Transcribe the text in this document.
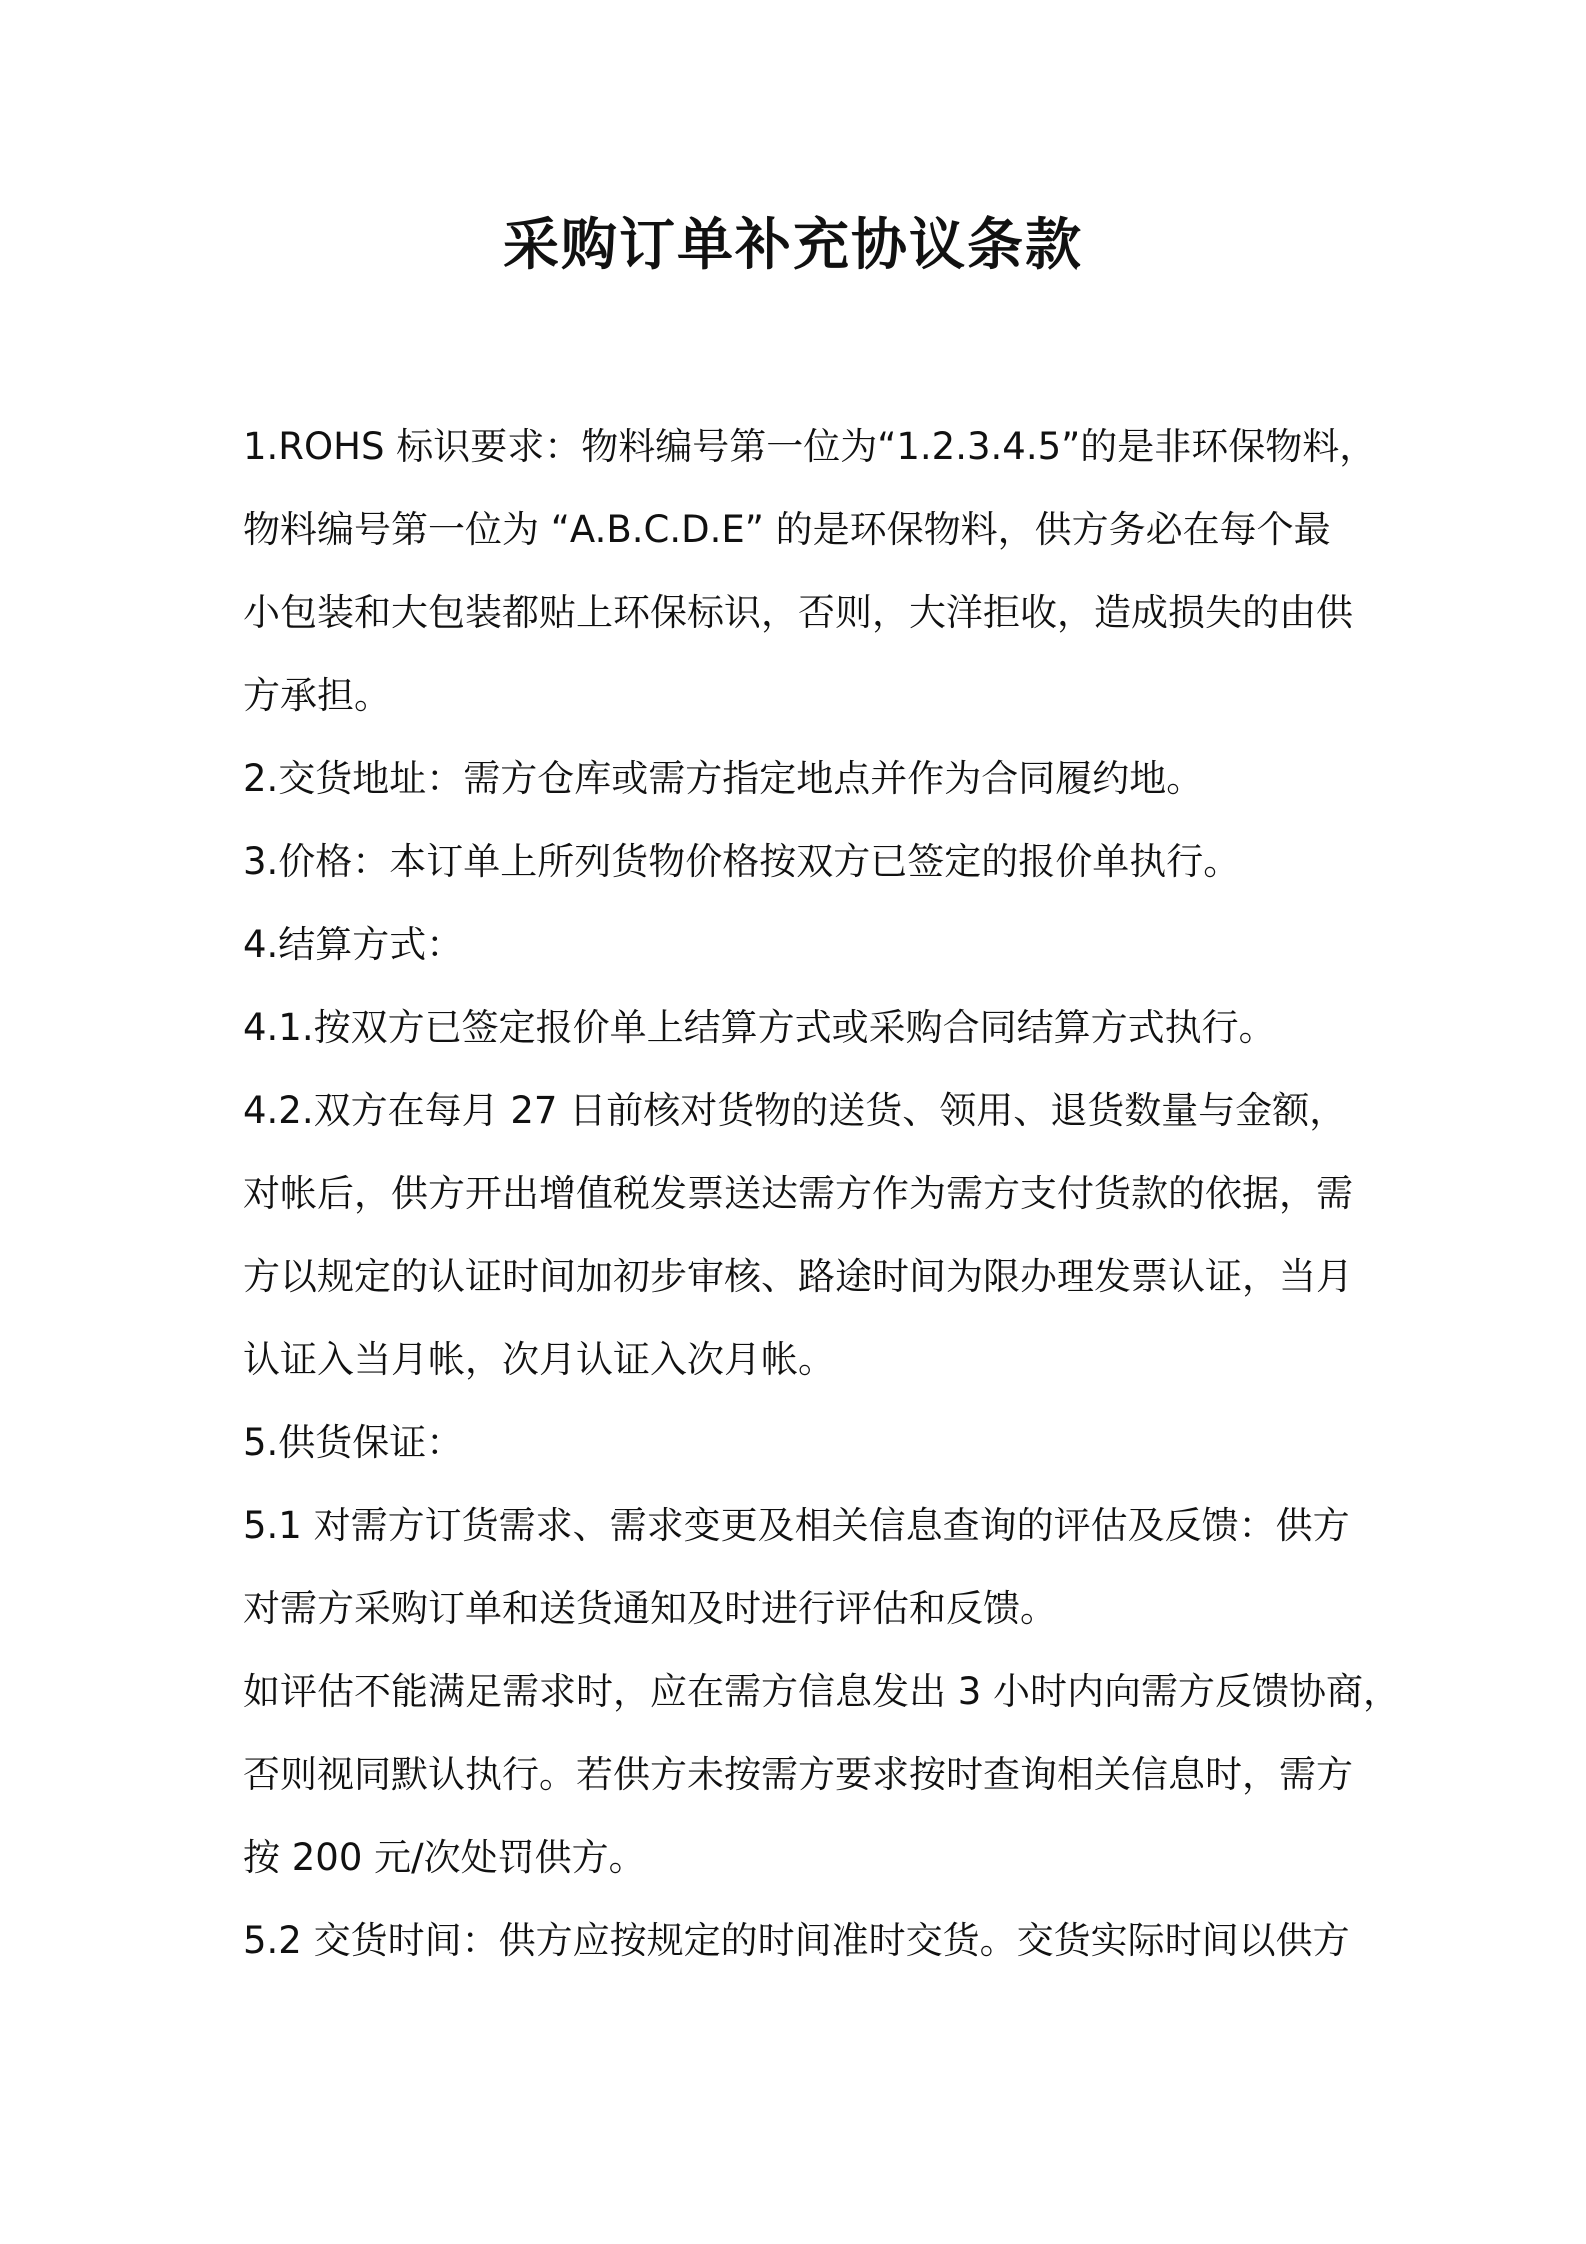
采购订单补充协议条款

1.ROHS 标识要求：物料编号第一位为“1.2.3.4.5”的是非环保物料，

物料编号第一位为 “A.B.C.D.E” 的是环保物料，供方务必在每个最

小包装和大包装都贴上环保标识，否则，大洋拒收，造成损失的由供

方承担。

2.交货地址：需方仓库或需方指定地点并作为合同履约地。

3.价格：本订单上所列货物价格按双方已签定的报价单执行。

4.结算方式：

4.1.按双方已签定报价单上结算方式或采购合同结算方式执行。

4.2.双方在每月 27 日前核对货物的送货、领用、退货数量与金额，

对帐后，供方开出增值税发票送达需方作为需方支付货款的依据，需

方以规定的认证时间加初步审核、路途时间为限办理发票认证，当月

认证入当月帐，次月认证入次月帐。

5.供货保证：

5.1 对需方订货需求、需求变更及相关信息查询的评估及反馈：供方

对需方采购订单和送货通知及时进行评估和反馈。

如评估不能满足需求时，应在需方信息发出 3 小时内向需方反馈协商，

否则视同默认执行。若供方未按需方要求按时查询相关信息时，需方

按 200 元/次处罚供方。

5.2 交货时间：供方应按规定的时间准时交货。交货实际时间以供方
